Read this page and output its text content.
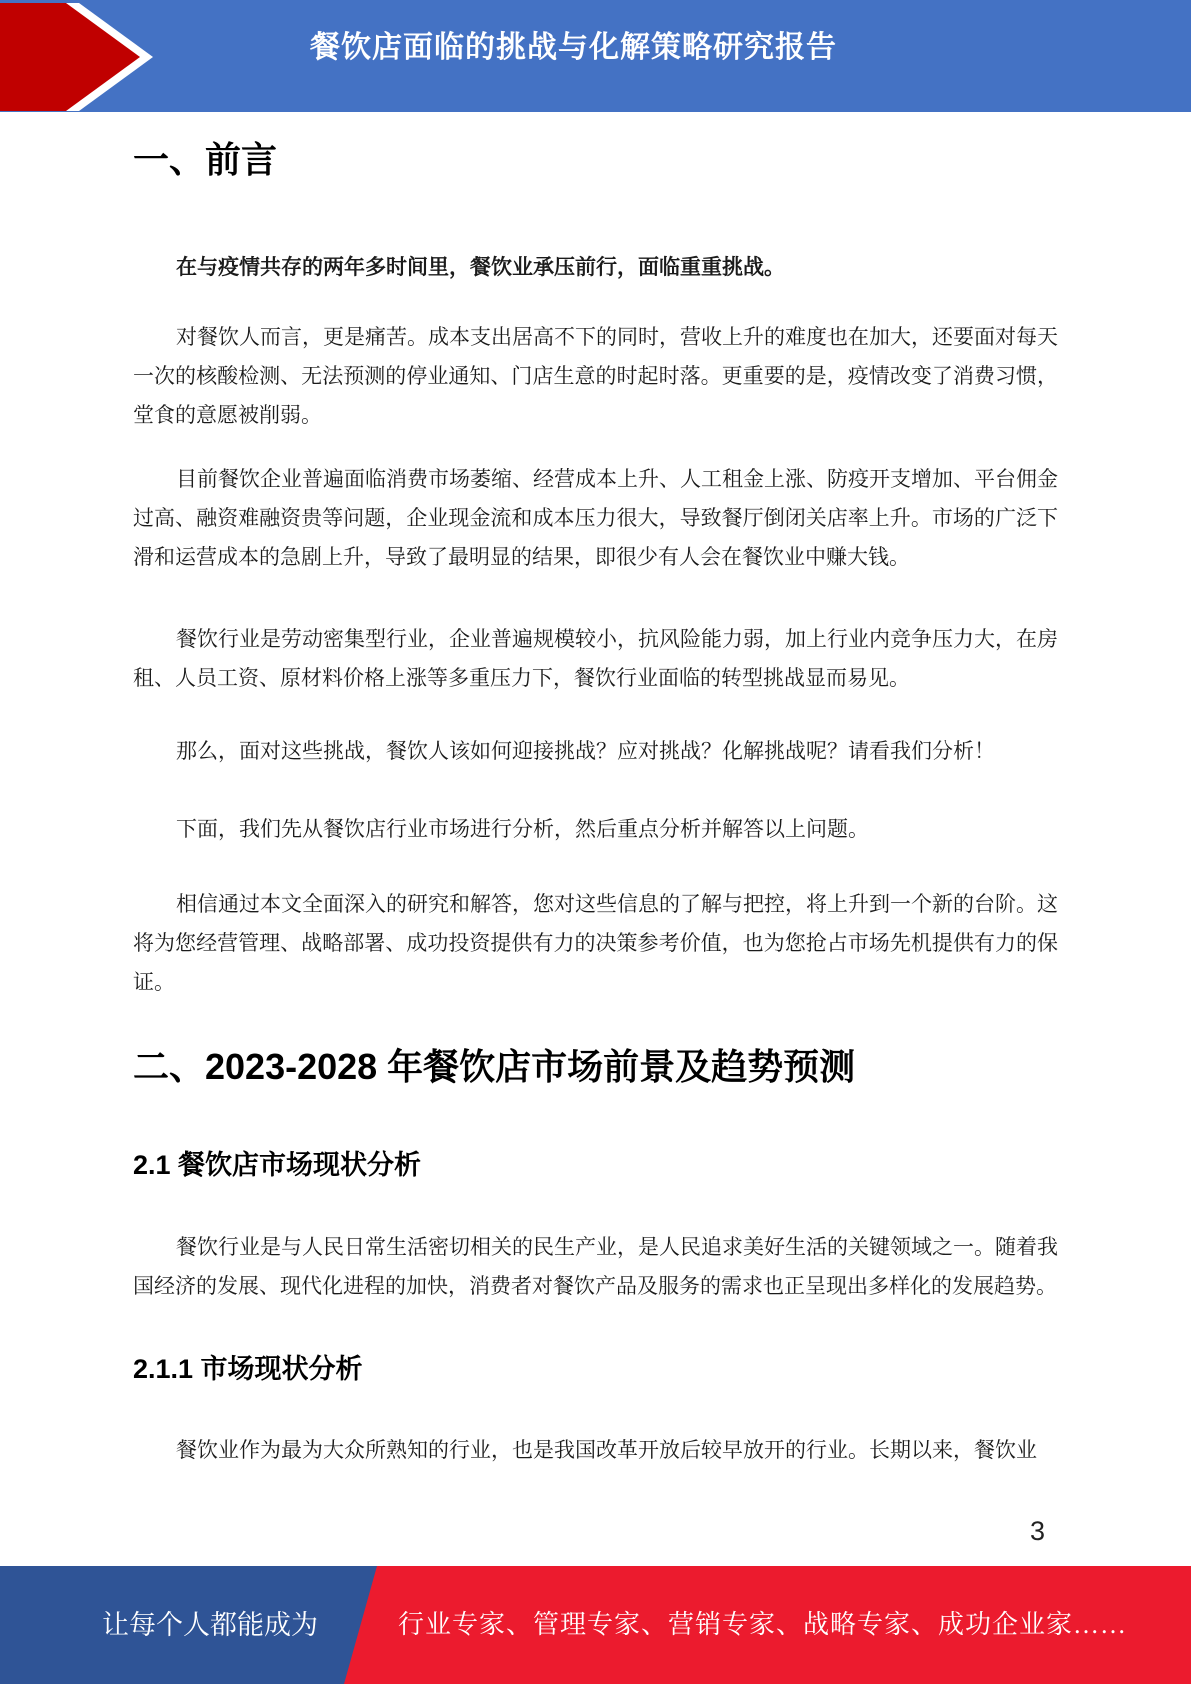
餐饮店面临的挑战与化解策略研究报告
一、前言

在与疫情共存的两年多时间里，餐饮业承压前行，面临重重挑战。

对餐饮人而言，更是痛苦。成本支出居高不下的同时，营收上升的难度也在加大，还要面对每天一次的核酸检测、无法预测的停业通知、门店生意的时起时落。更重要的是，疫情改变了消费习惯，堂食的意愿被削弱。

目前餐饮企业普遍面临消费市场萎缩、经营成本上升、人工租金上涨、防疫开支增加、平台佣金过高、融资难融资贵等问题，企业现金流和成本压力很大，导致餐厅倒闭关店率上升。市场的广泛下滑和运营成本的急剧上升，导致了最明显的结果，即很少有人会在餐饮业中赚大钱。

餐饮行业是劳动密集型行业，企业普遍规模较小，抗风险能力弱，加上行业内竞争压力大，在房租、人员工资、原材料价格上涨等多重压力下，餐饮行业面临的转型挑战显而易见。

那么，面对这些挑战，餐饮人该如何迎接挑战？应对挑战？化解挑战呢？请看我们分析！

下面，我们先从餐饮店行业市场进行分析，然后重点分析并解答以上问题。

相信通过本文全面深入的研究和解答，您对这些信息的了解与把控，将上升到一个新的台阶。这将为您经营管理、战略部署、成功投资提供有力的决策参考价值，也为您抢占市场先机提供有力的保证。

二、2023-2028 年餐饮店市场前景及趋势预测
2.1 餐饮店市场现状分析

餐饮行业是与人民日常生活密切相关的民生产业，是人民追求美好生活的关键领域之一。随着我国经济的发展、现代化进程的加快，消费者对餐饮产品及服务的需求也正呈现出多样化的发展趋势。

2.1.1 市场现状分析

餐饮业作为最为大众所熟知的行业，也是我国改革开放后较早放开的行业。长期以来，餐饮业

3
让每个人都能成为	行业专家、管理专家、营销专家、战略专家、成功企业家……
